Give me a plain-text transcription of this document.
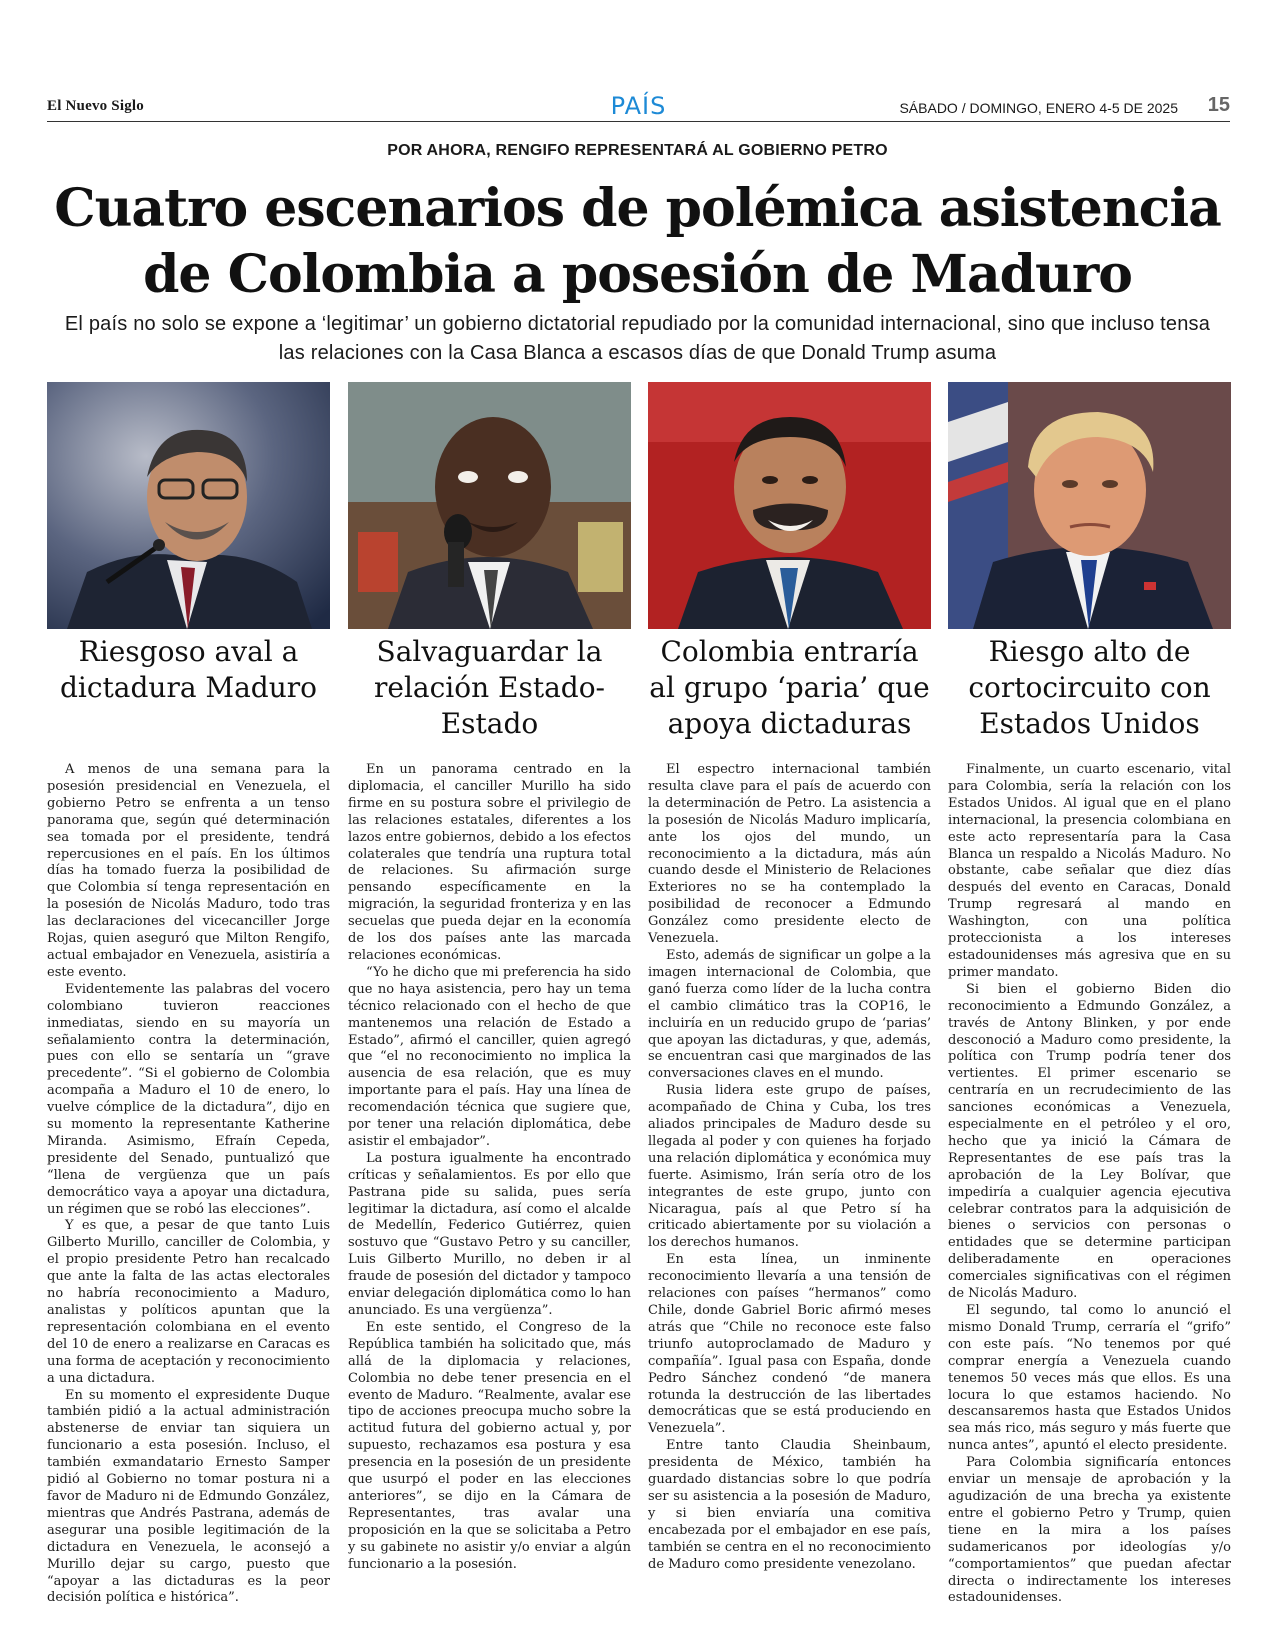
El Nuevo Siglo	PAÍS	SÁBADO / DOMINGO, ENERO 4-5 DE 2025 15
POR AHORA, RENGIFO REPRESENTARÁ AL GOBIERNO PETRO
Cuatro escenarios de polémica asistencia de Colombia a posesión de Maduro
El país no solo se expone a ‘legitimar’ un gobierno dictatorial repudiado por la comunidad internacional, sino que incluso tensa las relaciones con la Casa Blanca a escasos días de que Donald Trump asuma
Riesgoso aval a dictadura Maduro
Salvaguardar la relación Estado-Estado
Colombia entraría al grupo ‘paria’ que apoya dictaduras
Riesgo alto de cortocircuito con Estados Unidos

A menos de una semana para la posesión presidencial en Venezuela, el gobierno Petro se enfrenta a un tenso panorama que, según qué determinación sea tomada por el presidente, tendrá repercusiones en el país. En los últimos días ha tomado fuerza la posibilidad de que Colombia sí tenga representación en la posesión de Nicolás Maduro, todo tras las declaraciones del vicecanciller Jorge Rojas, quien aseguró que Milton Rengifo, actual embajador en Venezuela, asistiría a este evento.

Evidentemente las palabras del vocero colombiano tuvieron reacciones inmediatas, siendo en su mayoría un señalamiento contra la determinación, pues con ello se sentaría un “grave precedente”. “Si el gobierno de Colombia acompaña a Maduro el 10 de enero, lo vuelve cómplice de la dictadura”, dijo en su momento la representante Katherine Miranda. Asimismo, Efraín Cepeda, presidente del Senado, puntualizó que “llena de vergüenza que un país democrático vaya a apoyar una dictadura, un régimen que se robó las elecciones”.

Y es que, a pesar de que tanto Luis Gilberto Murillo, canciller de Colombia, y el propio presidente Petro han recalcado que ante la falta de las actas electorales no habría reconocimiento a Maduro, analistas y políticos apuntan que la representación colombiana en el evento del 10 de enero a realizarse en Caracas es una forma de aceptación y reconocimiento a una dictadura.

En su momento el expresidente Duque también pidió a la actual administración abstenerse de enviar tan siquiera un funcionario a esta posesión. Incluso, el también exmandatario Ernesto Samper pidió al Gobierno no tomar postura ni a favor de Maduro ni de Edmundo González, mientras que Andrés Pastrana, además de asegurar una posible legitimación de la dictadura en Venezuela, le aconsejó a Murillo dejar su cargo, puesto que “apoyar a las dictaduras es la peor decisión política e histórica”.

En un panorama centrado en la diplomacia, el canciller Murillo ha sido firme en su postura sobre el privilegio de las relaciones estatales, diferentes a los lazos entre gobiernos, debido a los efectos colaterales que tendría una ruptura total de relaciones. Su afirmación surge pensando específicamente en la migración, la seguridad fronteriza y en las secuelas que pueda dejar en la economía de los dos países ante las marcada relaciones económicas.

“Yo he dicho que mi preferencia ha sido que no haya asistencia, pero hay un tema técnico relacionado con el hecho de que mantenemos una relación de Estado a Estado”, afirmó el canciller, quien agregó que “el no reconocimiento no implica la ausencia de esa relación, que es muy importante para el país. Hay una línea de recomendación técnica que sugiere que, por tener una relación diplomática, debe asistir el embajador”.

La postura igualmente ha encontrado críticas y señalamientos. Es por ello que Pastrana pide su salida, pues sería legitimar la dictadura, así como el alcalde de Medellín, Federico Gutiérrez, quien sostuvo que “Gustavo Petro y su canciller, Luis Gilberto Murillo, no deben ir al fraude de posesión del dictador y tampoco enviar delegación diplomática como lo han anunciado. Es una vergüenza”.

En este sentido, el Congreso de la República también ha solicitado que, más allá de la diplomacia y relaciones, Colombia no debe tener presencia en el evento de Maduro. “Realmente, avalar ese tipo de acciones preocupa mucho sobre la actitud futura del gobierno actual y, por supuesto, rechazamos esa postura y esa presencia en la posesión de un presidente que usurpó el poder en las elecciones anteriores”, se dijo en la Cámara de Representantes, tras avalar una proposición en la que se solicitaba a Petro y su gabinete no asistir y/o enviar a algún funcionario a la posesión.

El espectro internacional también resulta clave para el país de acuerdo con la determinación de Petro. La asistencia a la posesión de Nicolás Maduro implicaría, ante los ojos del mundo, un reconocimiento a la dictadura, más aún cuando desde el Ministerio de Relaciones Exteriores no se ha contemplado la posibilidad de reconocer a Edmundo González como presidente electo de Venezuela.

Esto, además de significar un golpe a la imagen internacional de Colombia, que ganó fuerza como líder de la lucha contra el cambio climático tras la COP16, le incluiría en un reducido grupo de ‘parias’ que apoyan las dictaduras, y que, además, se encuentran casi que marginados de las conversaciones claves en el mundo.

Rusia lidera este grupo de países, acompañado de China y Cuba, los tres aliados principales de Maduro desde su llegada al poder y con quienes ha forjado una relación diplomática y económica muy fuerte. Asimismo, Irán sería otro de los integrantes de este grupo, junto con Nicaragua, país al que Petro sí ha criticado abiertamente por su violación a los derechos humanos.

En esta línea, un inminente reconocimiento llevaría a una tensión de relaciones con países “hermanos” como Chile, donde Gabriel Boric afirmó meses atrás que “Chile no reconoce este falso triunfo autoproclamado de Maduro y compañía”. Igual pasa con España, donde Pedro Sánchez condenó “de manera rotunda la destrucción de las libertades democráticas que se está produciendo en Venezuela”.

Entre tanto Claudia Sheinbaum, presidenta de México, también ha guardado distancias sobre lo que podría ser su asistencia a la posesión de Maduro, y si bien enviaría una comitiva encabezada por el embajador en ese país, también se centra en el no reconocimiento de Maduro como presidente venezolano.

Finalmente, un cuarto escenario, vital para Colombia, sería la relación con los Estados Unidos. Al igual que en el plano internacional, la presencia colombiana en este acto representaría para la Casa Blanca un respaldo a Nicolás Maduro. No obstante, cabe señalar que diez días después del evento en Caracas, Donald Trump regresará al mando en Washington, con una política proteccionista a los intereses estadounidenses más agresiva que en su primer mandato.

Si bien el gobierno Biden dio reconocimiento a Edmundo González, a través de Antony Blinken, y por ende desconoció a Maduro como presidente, la política con Trump podría tener dos vertientes. El primer escenario se centraría en un recrudecimiento de las sanciones económicas a Venezuela, especialmente en el petróleo y el oro, hecho que ya inició la Cámara de Representantes de ese país tras la aprobación de la Ley Bolívar, que impediría a cualquier agencia ejecutiva celebrar contratos para la adquisición de bienes o servicios con personas o entidades que se determine participan deliberadamente en operaciones comerciales significativas con el régimen de Nicolás Maduro.

El segundo, tal como lo anunció el mismo Donald Trump, cerraría el “grifo” con este país. “No tenemos por qué comprar energía a Venezuela cuando tenemos 50 veces más que ellos. Es una locura lo que estamos haciendo. No descansaremos hasta que Estados Unidos sea más rico, más seguro y más fuerte que nunca antes”, apuntó el electo presidente.

Para Colombia significaría entonces enviar un mensaje de aprobación y la agudización de una brecha ya existente entre el gobierno Petro y Trump, quien tiene en la mira a los países sudamericanos por ideologías y/o “comportamientos” que puedan afectar directa o indirectamente los intereses estadounidenses.
